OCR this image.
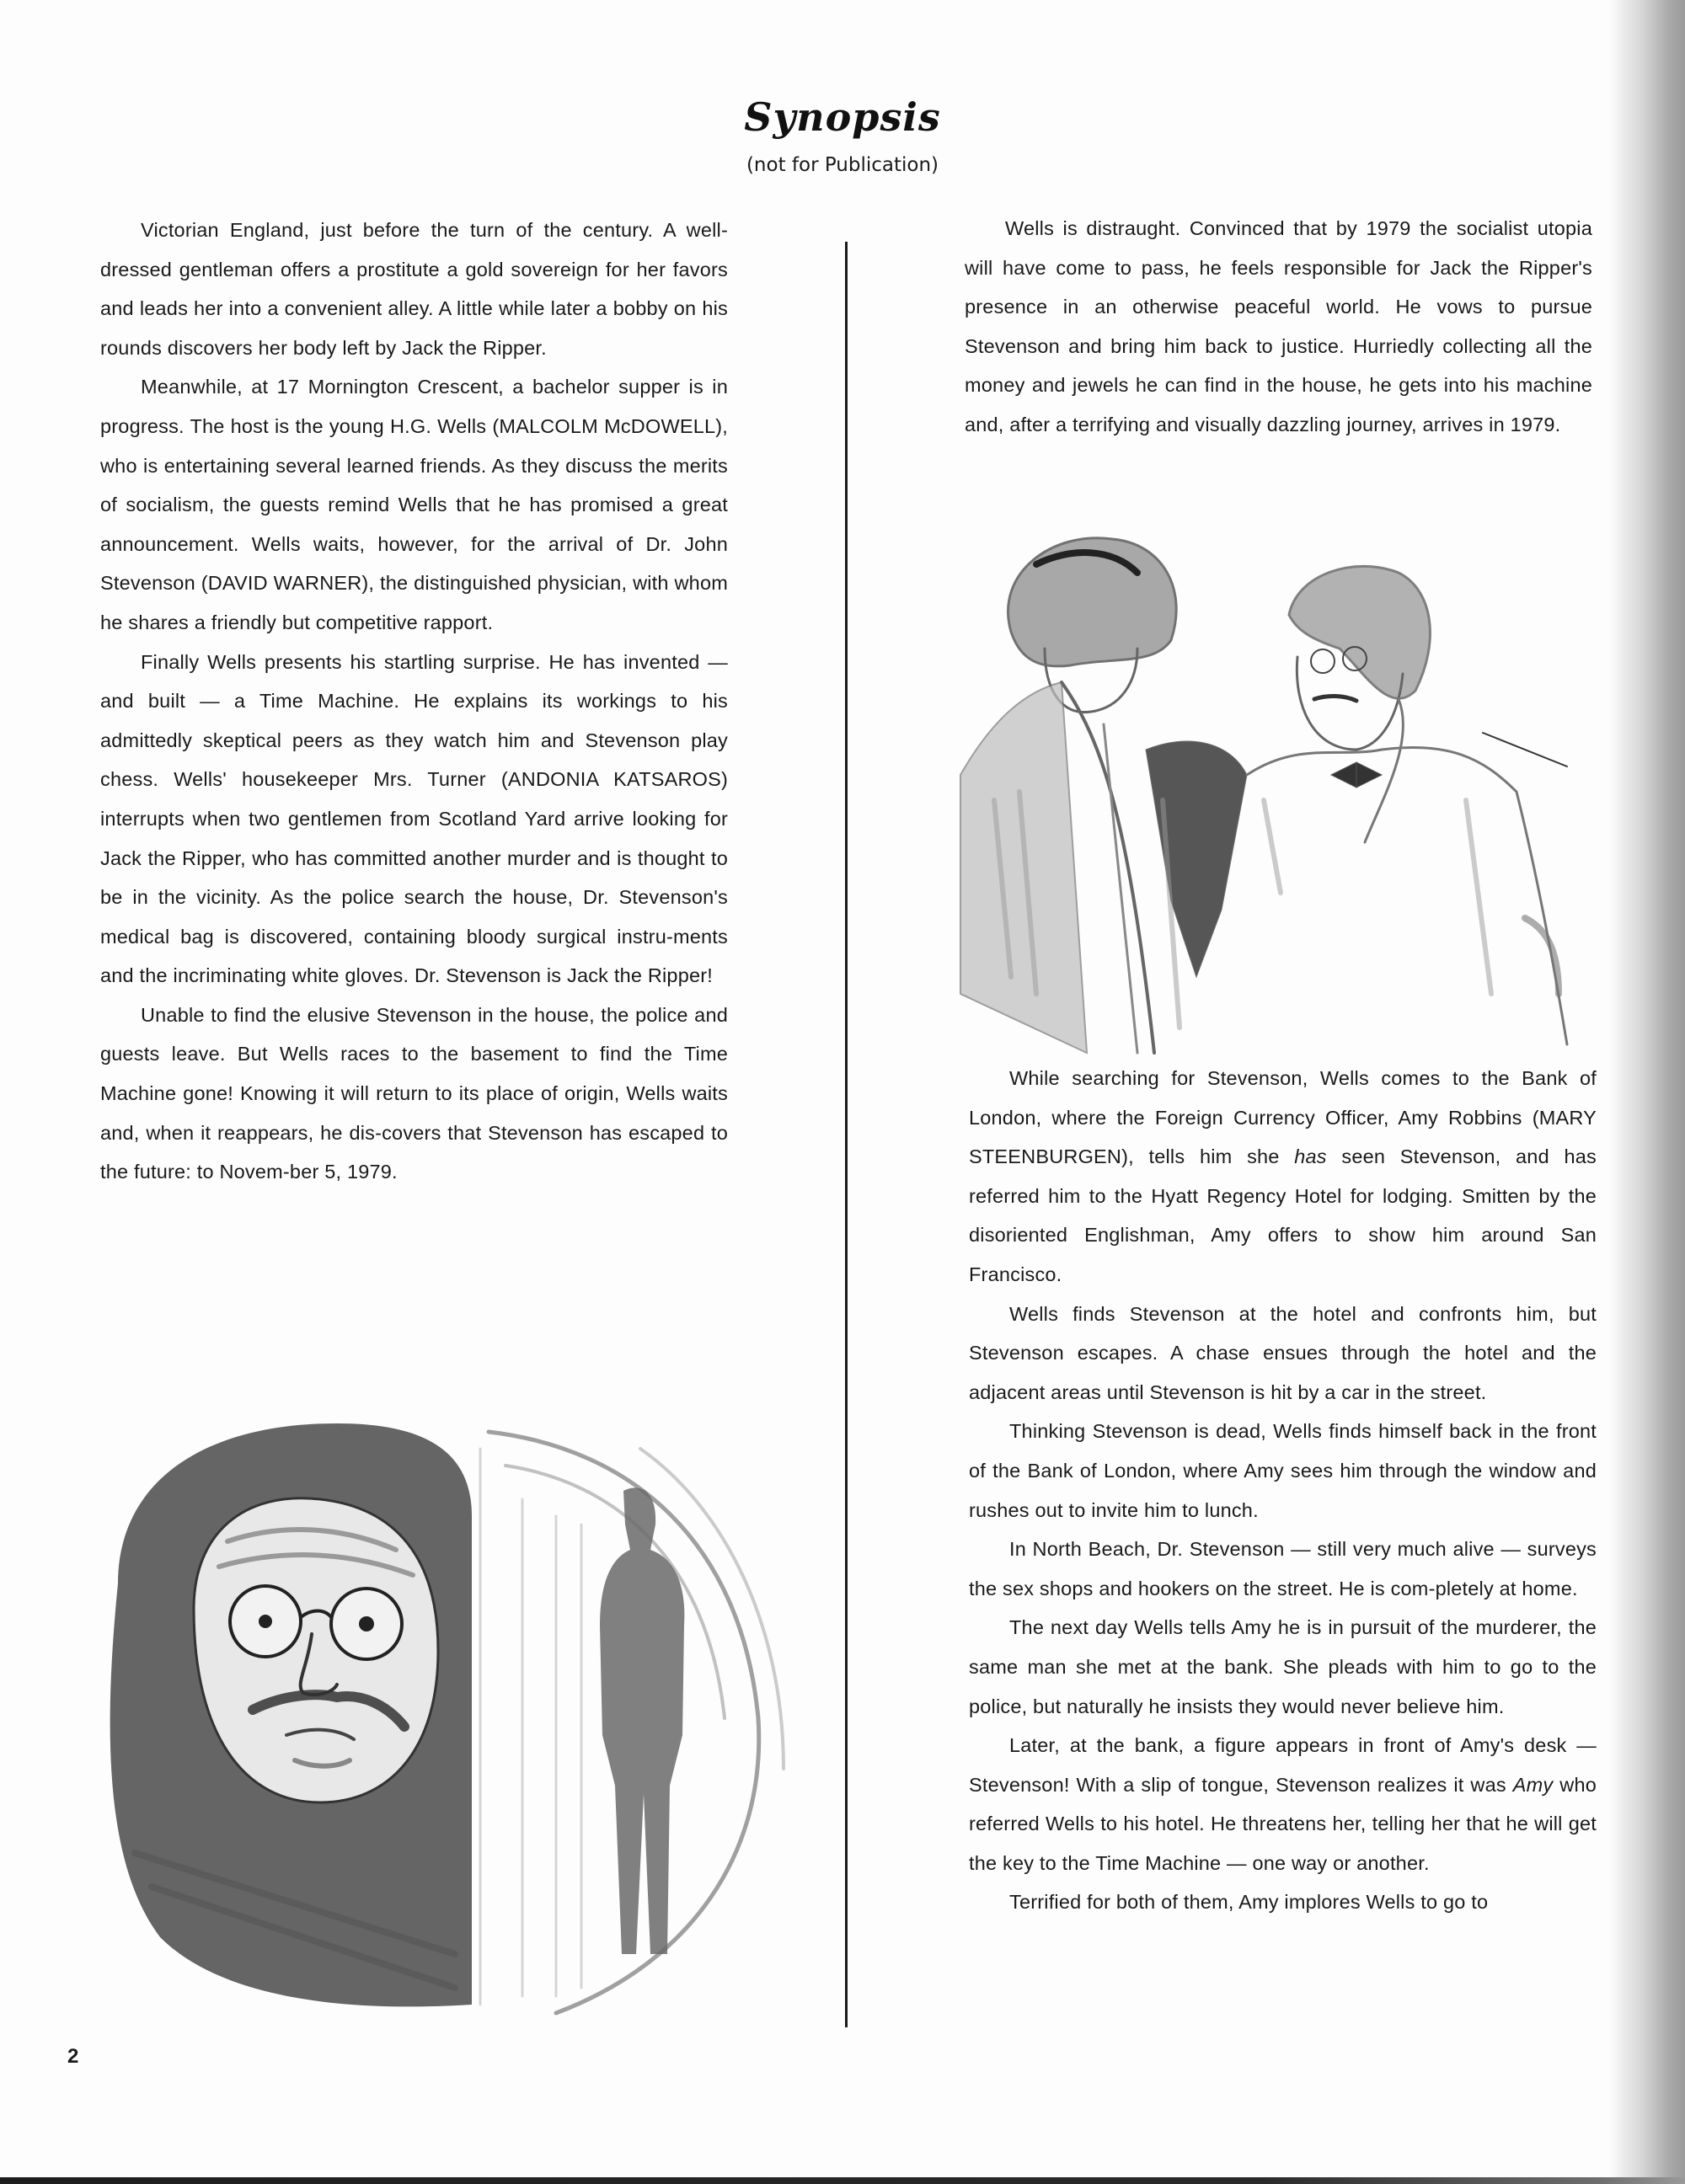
Synopsis
(not for Publication)

Victorian England, just before the turn of the century. A well-dressed gentleman offers a prostitute a gold sovereign for her favors and leads her into a convenient alley. A little while later a bobby on his rounds discovers her body left by Jack the Ripper.

Meanwhile, at 17 Mornington Crescent, a bachelor supper is in progress. The host is the young H.G. Wells (MALCOLM McDOWELL), who is entertaining several learned friends. As they discuss the merits of socialism, the guests remind Wells that he has promised a great announcement. Wells waits, however, for the arrival of Dr. John Stevenson (DAVID WARNER), the distinguished physician, with whom he shares a friendly but competitive rapport.

Finally Wells presents his startling surprise. He has invented — and built — a Time Machine. He explains its workings to his admittedly skeptical peers as they watch him and Stevenson play chess. Wells' housekeeper Mrs. Turner (ANDONIA KATSAROS) interrupts when two gentlemen from Scotland Yard arrive looking for Jack the Ripper, who has committed another murder and is thought to be in the vicinity. As the police search the house, Dr. Stevenson's medical bag is discovered, containing bloody surgical instru-ments and the incriminating white gloves. Dr. Stevenson is Jack the Ripper!

Unable to find the elusive Stevenson in the house, the police and guests leave. But Wells races to the basement to find the Time Machine gone! Knowing it will return to its place of origin, Wells waits and, when it reappears, he dis-covers that Stevenson has escaped to the future: to Novem-ber 5, 1979.

Wells is distraught. Convinced that by 1979 the socialist utopia will have come to pass, he feels responsible for Jack the Ripper's presence in an otherwise peaceful world. He vows to pursue Stevenson and bring him back to justice. Hurriedly collecting all the money and jewels he can find in the house, he gets into his machine and, after a terrifying and visually dazzling journey, arrives in 1979.

While searching for Stevenson, Wells comes to the Bank of London, where the Foreign Currency Officer, Amy Robbins (MARY STEENBURGEN), tells him she has seen Stevenson, and has referred him to the Hyatt Regency Hotel for lodging. Smitten by the disoriented Englishman, Amy offers to show him around San Francisco.

Wells finds Stevenson at the hotel and confronts him, but Stevenson escapes. A chase ensues through the hotel and the adjacent areas until Stevenson is hit by a car in the street.

Thinking Stevenson is dead, Wells finds himself back in the front of the Bank of London, where Amy sees him through the window and rushes out to invite him to lunch.

In North Beach, Dr. Stevenson — still very much alive — surveys the sex shops and hookers on the street. He is com-pletely at home.

The next day Wells tells Amy he is in pursuit of the murderer, the same man she met at the bank. She pleads with him to go to the police, but naturally he insists they would never believe him.

Later, at the bank, a figure appears in front of Amy's desk — Stevenson! With a slip of tongue, Stevenson realizes it was Amy who referred Wells to his hotel. He threatens her, telling her that he will get the key to the Time Machine — one way or another.

Terrified for both of them, Amy implores Wells to go to

2
